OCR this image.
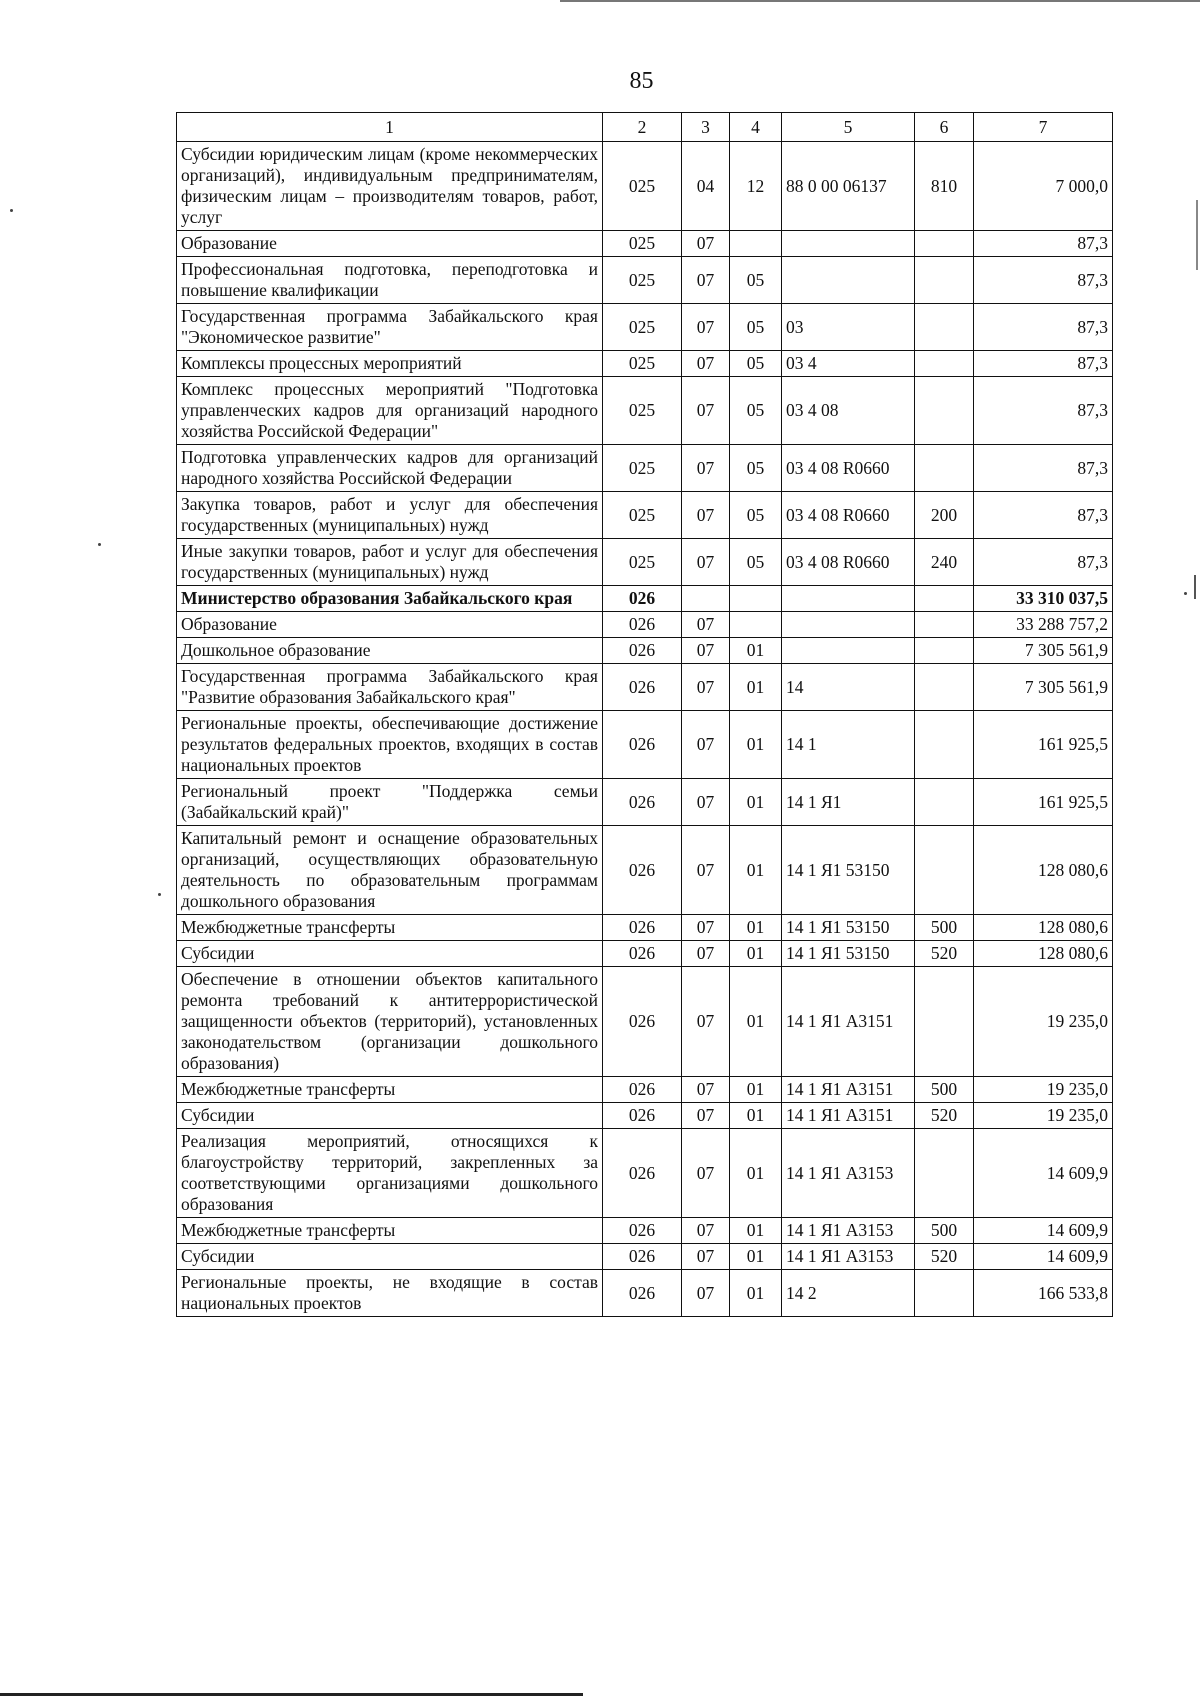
85
1	2	3	4	5	6	7
Субсидии юридическим лицам (кроме некоммерческих организаций), индивидуальным предпринимателям, физическим лицам – производителям товаров, работ, услуг	025	04	12	88 0 00 06137	810	7 000,0
Образование	025	07				87,3
Профессиональная подготовка, переподготовка и повышение квалификации	025	07	05			87,3
Государственная программа Забайкальского края "Экономическое развитие"	025	07	05	03		87,3
Комплексы процессных мероприятий	025	07	05	03 4		87,3
Комплекс процессных мероприятий "Подготовка управленческих кадров для организаций народного хозяйства Российской Федерации"	025	07	05	03 4 08		87,3
Подготовка управленческих кадров для организаций народного хозяйства Российской Федерации	025	07	05	03 4 08 R0660		87,3
Закупка товаров, работ и услуг для обеспечения государственных (муниципальных) нужд	025	07	05	03 4 08 R0660	200	87,3
Иные закупки товаров, работ и услуг для обеспечения государственных (муниципальных) нужд	025	07	05	03 4 08 R0660	240	87,3
Министерство образования Забайкальского края	026					33 310 037,5
Образование	026	07				33 288 757,2
Дошкольное образование	026	07	01			7 305 561,9
Государственная программа Забайкальского края "Развитие образования Забайкальского края"	026	07	01	14		7 305 561,9
Региональные проекты, обеспечивающие достижение результатов федеральных проектов, входящих в состав национальных проектов	026	07	01	14 1		161 925,5
Региональный проект "Поддержка семьи (Забайкальский край)"	026	07	01	14 1 Я1		161 925,5
Капитальный ремонт и оснащение образовательных организаций, осуществляющих образовательную деятельность по образовательным программам дошкольного образования	026	07	01	14 1 Я1 53150		128 080,6
Межбюджетные трансферты	026	07	01	14 1 Я1 53150	500	128 080,6
Субсидии	026	07	01	14 1 Я1 53150	520	128 080,6
Обеспечение в отношении объектов капитального ремонта требований к антитеррористической защищенности объектов (территорий), установленных законодательством (организации дошкольного образования)	026	07	01	14 1 Я1 А3151		19 235,0
Межбюджетные трансферты	026	07	01	14 1 Я1 А3151	500	19 235,0
Субсидии	026	07	01	14 1 Я1 А3151	520	19 235,0
Реализация мероприятий, относящихся к благоустройству территорий, закрепленных за соответствующими организациями дошкольного образования	026	07	01	14 1 Я1 А3153		14 609,9
Межбюджетные трансферты	026	07	01	14 1 Я1 А3153	500	14 609,9
Субсидии	026	07	01	14 1 Я1 А3153	520	14 609,9
Региональные проекты, не входящие в состав национальных проектов	026	07	01	14 2		166 533,8
